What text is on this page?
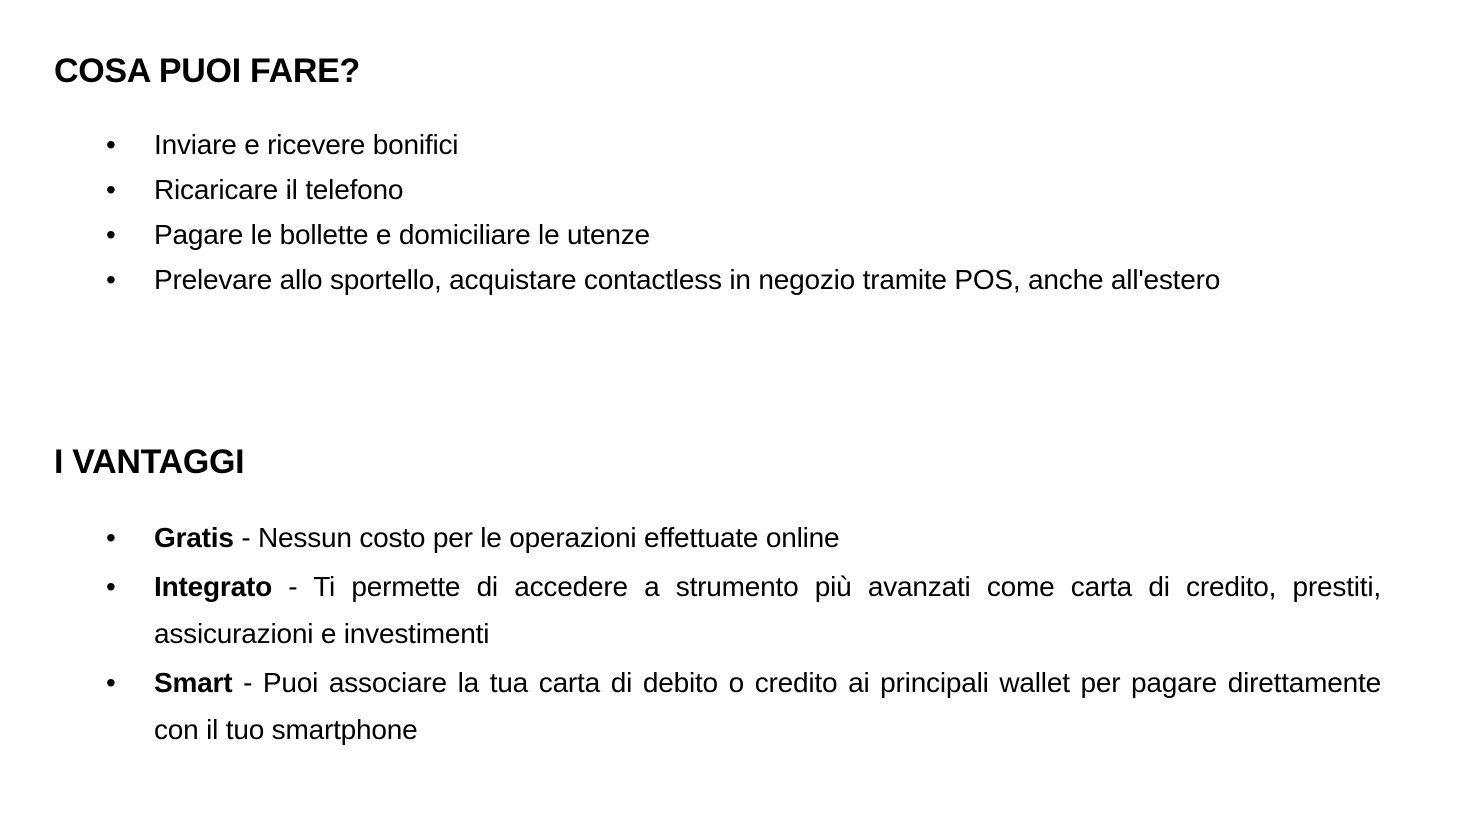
COSA PUOI FARE?
• Inviare e ricevere bonifici
• Ricaricare il telefono
• Pagare le bollette e domiciliare le utenze
• Prelevare allo sportello, acquistare contactless in negozio tramite POS, anche all'estero
I VANTAGGI
• Gratis - Nessun costo per le operazioni effettuate online
• Integrato - Ti permette di accedere a strumento più avanzati come carta di credito, prestiti, assicurazioni e investimenti
• Smart - Puoi associare la tua carta di debito o credito ai principali wallet per pagare direttamente con il tuo smartphone
